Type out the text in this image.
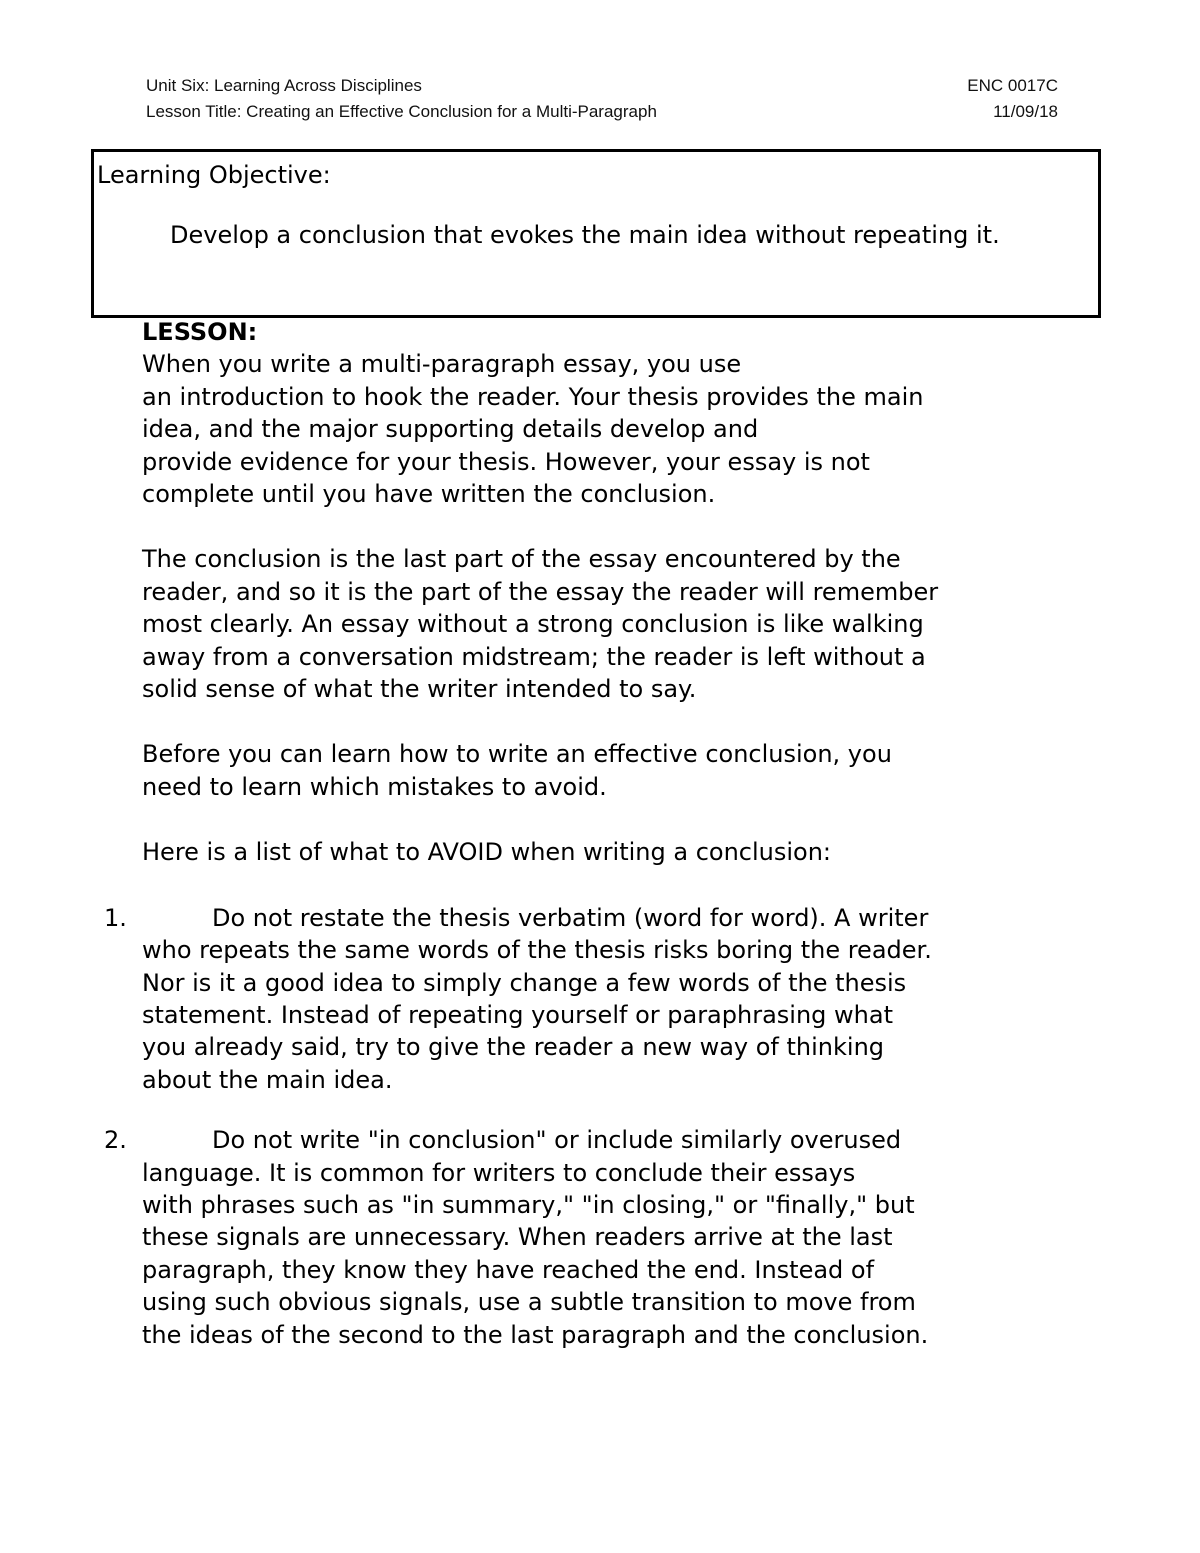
Unit Six: Learning Across Disciplines	ENC 0017C
Lesson Title: Creating an Effective Conclusion for a Multi-Paragraph	11/09/18
Learning Objective:
Develop a conclusion that evokes the main idea without repeating it.
LESSON:

When you write a multi-paragraph essay, you use
an introduction to hook the reader. Your thesis provides the main
idea, and the major supporting details develop and
provide evidence for your thesis. However, your essay is not
complete until you have written the conclusion.

The conclusion is the last part of the essay encountered by the
reader, and so it is the part of the essay the reader will remember
most clearly. An essay without a strong conclusion is like walking
away from a conversation midstream; the reader is left without a
solid sense of what the writer intended to say.

Before you can learn how to write an effective conclusion, you
need to learn which mistakes to avoid.

Here is a list of what to AVOID when writing a conclusion:

1.	Do not restate the thesis verbatim (word for word). A writer
who repeats the same words of the thesis risks boring the reader.
Nor is it a good idea to simply change a few words of the thesis
statement. Instead of repeating yourself or paraphrasing what
you already said, try to give the reader a new way of thinking
about the main idea.
2.	Do not write "in conclusion" or include similarly overused
language. It is common for writers to conclude their essays
with phrases such as "in summary," "in closing," or "finally," but
these signals are unnecessary. When readers arrive at the last
paragraph, they know they have reached the end. Instead of
using such obvious signals, use a subtle transition to move from
the ideas of the second to the last paragraph and the conclusion.
